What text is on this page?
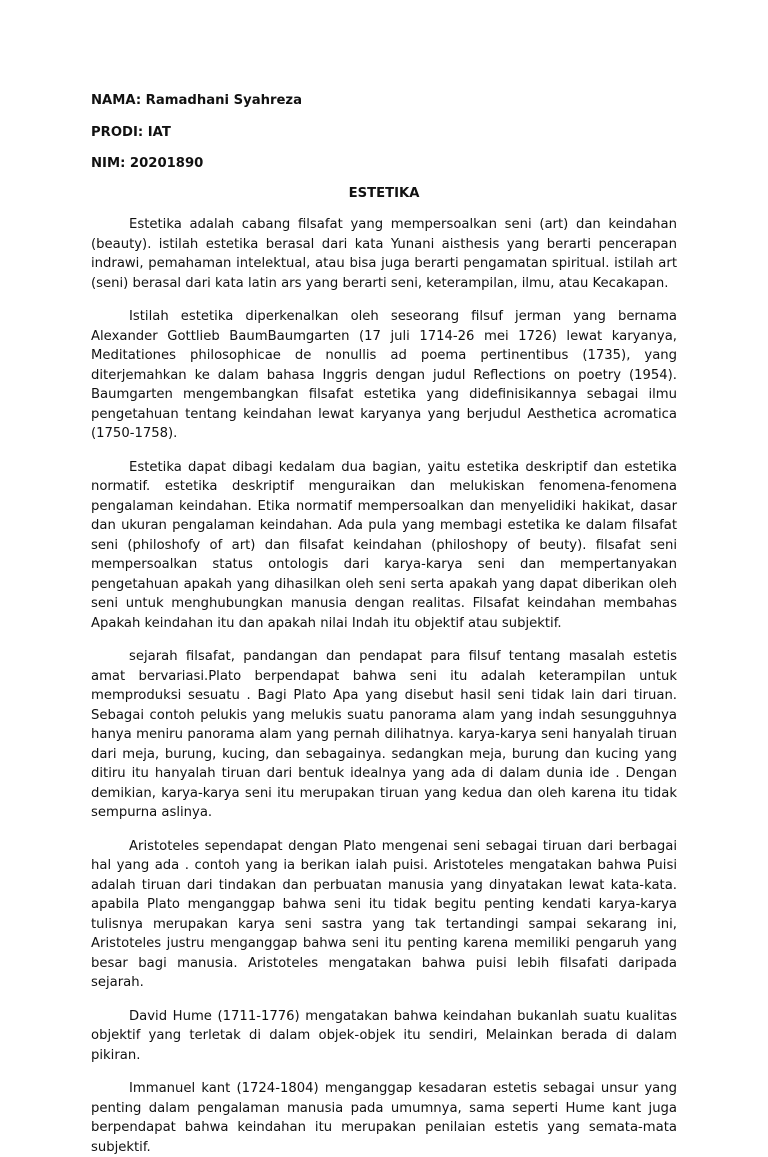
NAMA: Ramadhani Syahreza

PRODI: IAT

NIM: 20201890

ESTETIKA

Estetika adalah cabang filsafat yang mempersoalkan seni (art) dan keindahan (beauty). istilah estetika berasal dari kata Yunani aisthesis yang berarti pencerapan indrawi, pemahaman intelektual, atau bisa juga berarti pengamatan spiritual. istilah art (seni) berasal dari kata latin ars yang berarti seni, keterampilan, ilmu, atau Kecakapan.

Istilah estetika diperkenalkan oleh seseorang filsuf jerman yang bernama Alexander Gottlieb BaumBaumgarten (17 juli 1714-26 mei 1726) lewat karyanya, Meditationes philosophicae de nonullis ad poema pertinentibus (1735), yang diterjemahkan ke dalam bahasa Inggris dengan judul Reflections on poetry (1954). Baumgarten mengembangkan filsafat estetika yang didefinisikannya sebagai ilmu pengetahuan tentang keindahan lewat karyanya yang berjudul Aesthetica acromatica (1750-1758).

Estetika dapat dibagi kedalam dua bagian, yaitu estetika deskriptif dan estetika normatif. estetika deskriptif menguraikan dan melukiskan fenomena-fenomena pengalaman keindahan. Etika normatif mempersoalkan dan menyelidiki hakikat, dasar dan ukuran pengalaman keindahan. Ada pula yang membagi estetika ke dalam filsafat seni (philoshofy of art) dan filsafat keindahan (philoshopy of beuty). filsafat seni mempersoalkan status ontologis dari karya-karya seni dan mempertanyakan pengetahuan apakah yang dihasilkan oleh seni serta apakah yang dapat diberikan oleh seni untuk menghubungkan manusia dengan realitas. Filsafat keindahan membahas Apakah keindahan itu dan apakah nilai Indah itu objektif atau subjektif.

sejarah filsafat, pandangan dan pendapat para filsuf tentang masalah estetis amat bervariasi.Plato berpendapat bahwa seni itu adalah keterampilan untuk memproduksi sesuatu . Bagi Plato Apa yang disebut hasil seni tidak lain dari tiruan. Sebagai contoh pelukis yang melukis suatu panorama alam yang indah sesungguhnya hanya meniru panorama alam yang pernah dilihatnya. karya-karya seni hanyalah tiruan dari meja, burung, kucing, dan sebagainya. sedangkan meja, burung dan kucing yang ditiru itu hanyalah tiruan dari bentuk idealnya yang ada di dalam dunia ide . Dengan demikian, karya-karya seni itu merupakan tiruan yang kedua dan oleh karena itu tidak sempurna aslinya.

Aristoteles sependapat dengan Plato mengenai seni sebagai tiruan dari berbagai hal yang ada . contoh yang ia berikan ialah puisi. Aristoteles mengatakan bahwa Puisi adalah tiruan dari tindakan dan perbuatan manusia yang dinyatakan lewat kata-kata. apabila Plato menganggap bahwa seni itu tidak begitu penting kendati karya-karya tulisnya merupakan karya seni sastra yang tak tertandingi sampai sekarang ini, Aristoteles justru menganggap bahwa seni itu penting karena memiliki pengaruh yang besar bagi manusia. Aristoteles mengatakan bahwa puisi lebih filsafati daripada sejarah.

David Hume (1711-1776) mengatakan bahwa keindahan bukanlah suatu kualitas objektif yang terletak di dalam objek-objek itu sendiri, Melainkan berada di dalam pikiran.

Immanuel kant (1724-1804) menganggap kesadaran estetis sebagai unsur yang penting dalam pengalaman manusia pada umumnya, sama seperti Hume kant juga berpendapat bahwa keindahan itu merupakan penilaian estetis yang semata-mata subjektif.
